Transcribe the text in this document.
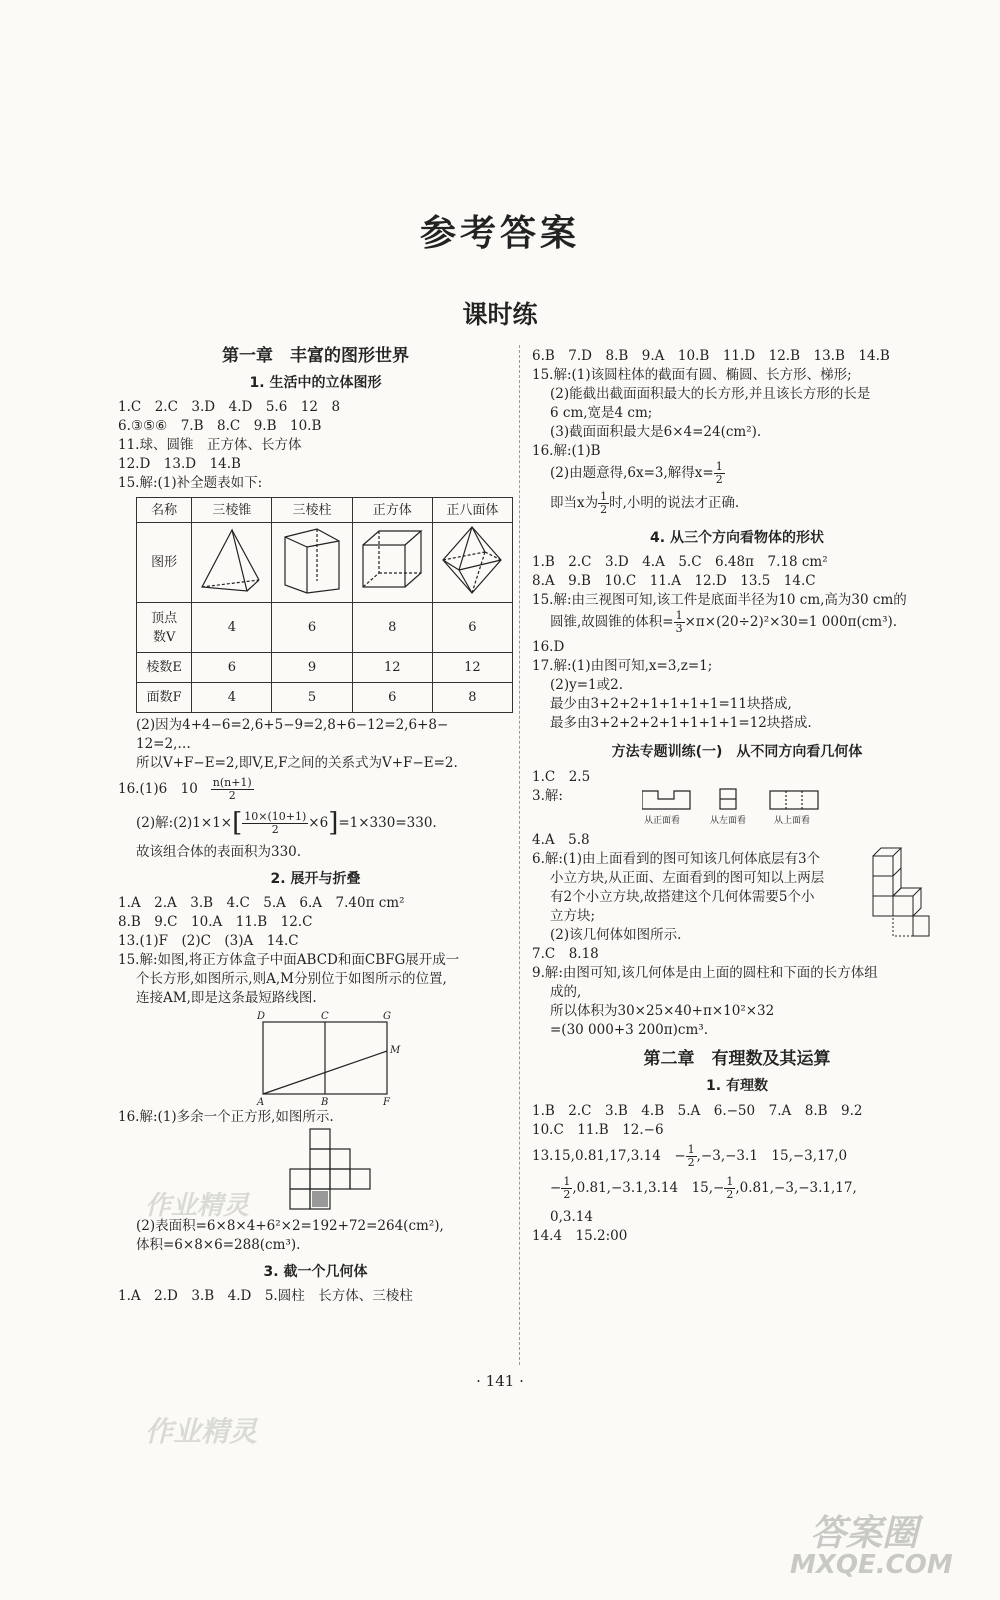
参考答案
课时练

第一章　丰富的图形世界

1. 生活中的立体图形

1.C　2.C　3.D　4.D　5.6　12　8

6.③⑤⑥　7.B　8.C　9.B　10.B

11.球、圆锥　正方体、长方体

12.D　13.D　14.B

15.解:(1)补全题表如下:

名称	三棱锥	三棱柱	正方体	正八面体
图形				
顶点
数V	4	6	8	6
棱数E	6	9	12	12
面数F	4	5	6	8

(2)因为4+4−6=2,6+5−9=2,8+6−12=2,6+8−

12=2,…

所以V+F−E=2,即V,E,F之间的关系式为V+F−E=2.

16.(1)6　$10 \frac{n(n+1)}{2}$

(2)解:(2)1×1×[ $\frac{10\times(10+1)}{2} \times 6]=1\times 330=330$.

故该组合体的表面积为330.

2. 展开与折叠

1.A　2.A　3.B　4.C　5.A　6.A　7.40π cm²

8.B　9.C　10.A　11.B　12.C

13.(1)F　(2)C　(3)A　14.C

15.解:如图,将正方体盒子中面ABCD和面CBFG展开成一

个长方形,如图所示,则A,M分别位于如图所示的位置,

连接AM,即是这条最短路线图.

D	C	G
M
A	B	F

16.解:(1)多余一个正方形,如图所示.

(2)表面积=6×8×4+6²×2=192+72=264(cm²),

体积=6×8×6=288(cm³).

3. 截一个几何体

1.A　2.D　3.B　4.D　5.圆柱　长方体、三棱柱

6.B　7.D　8.B　9.A　10.B　11.D　12.B　13.B　14.B

15.解:(1)该圆柱体的截面有圆、椭圆、长方形、梯形;

(2)能截出截面面积最大的长方形,并且该长方形的长是

6 cm,宽是4 cm;

(3)截面面积最大是6×4=24(cm²).

16.解:(1)B

(2)由题意得,6x=3,解得$x= \frac{1}{2}$

即当x为 $\frac{1}{2}$ 时,小明的说法才正确.

4. 从三个方向看物体的形状

1.B　2.C　3.D　4.A　5.C　6.48π　7.18 cm²

8.A　9.B　10.C　11.A　12.D　13.5　14.C

15.解:由三视图可知,该工件是底面半径为10 cm,高为30 cm的

圆锥,故圆锥的体积= $\frac{1}{3} \times\pi\times(20\div 2)^2\times 30=1$ 000π(cm³).

16.D

17.解:(1)由图可知,x=3,z=1;

(2)y=1或2.

最少由3+2+2+1+1+1+1=11块搭成,

最多由3+2+2+2+1+1+1+1=12块搭成.

方法专题训练(一)　从不同方向看几何体

1.C　2.5

3.解:
从正面看	从左面看	从上面看

4.A　5.8

6.解:(1)由上面看到的图可知该几何体底层有3个

小立方块,从正面、左面看到的图可知以上两层

有2个小立方块,故搭建这个几何体需要5个小

立方块;

(2)该几何体如图所示.

7.C　8.18

9.解:由图可知,该几何体是由上面的圆柱和下面的长方体组

成的,

所以体积为30×25×40+π×10²×32

=(30 000+3 200π)cm³.

第二章　有理数及其运算

1. 有理数

1.B　2.C　3.B　4.B　5.A　6.−50　7.A　8.B　9.2

10.C　11.B　12.−6

13.15,0.81,17,3.14　− $\frac{1}{2} ,-3,-3.1$　15,−3,17,0

− $\frac{1}{2} ,0.81,-3.1,3.14$　$15,- \frac{1}{2} ,0.81,-3,-3.1,17$,

0,3.14

14.4　15.2:00

· 141 ·
作业精灵
作业精灵
答案圈
MXQE.COM
